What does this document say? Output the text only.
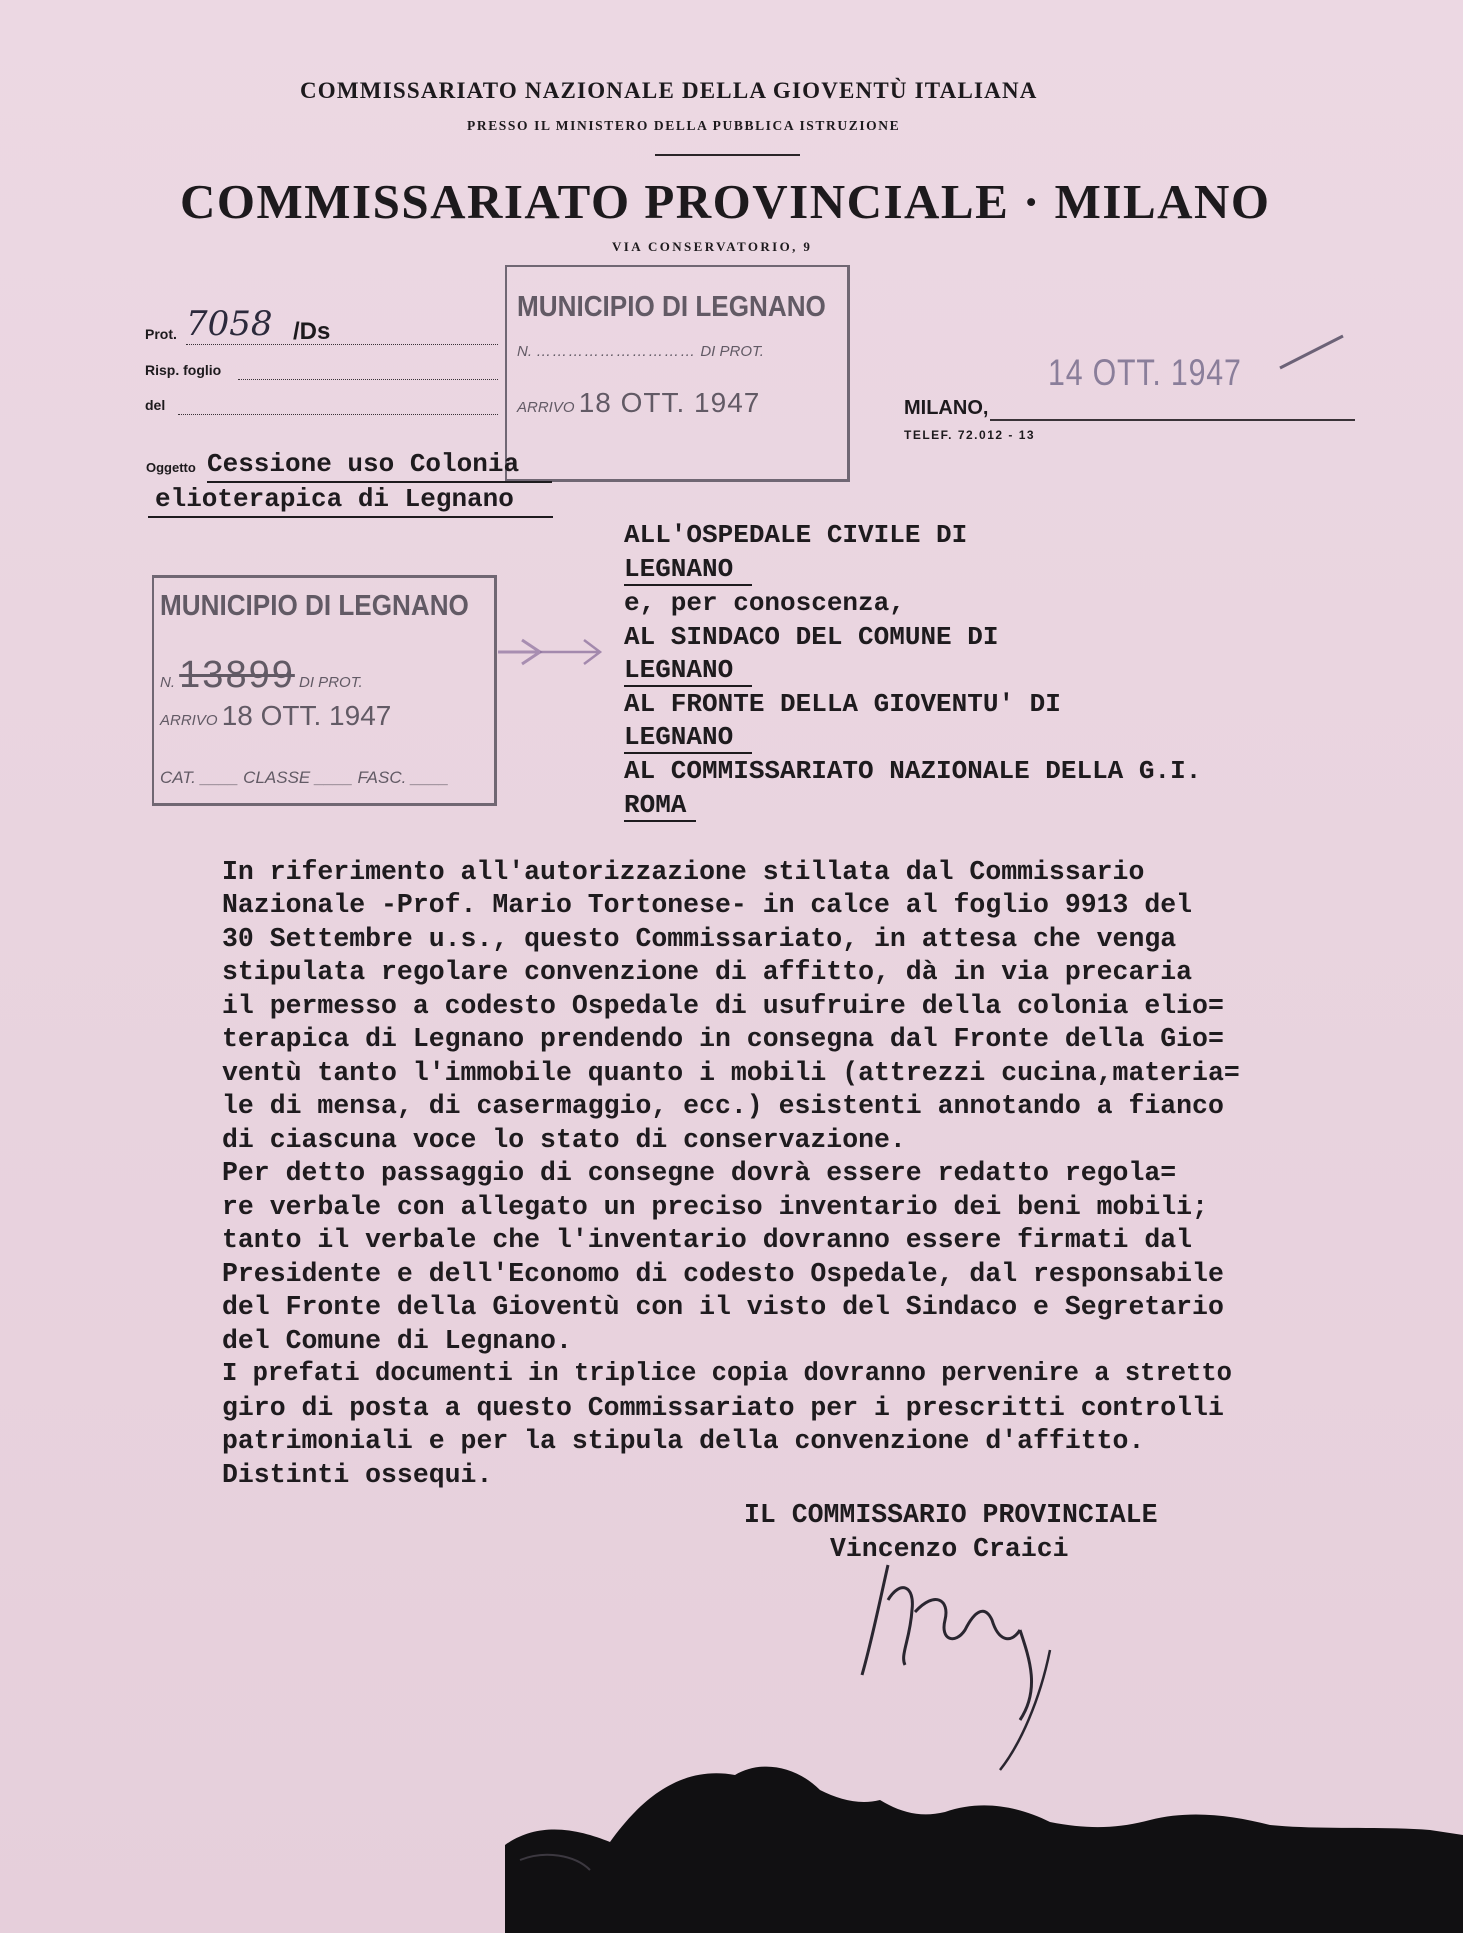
COMMISSARIATO NAZIONALE DELLA GIOVENTÙ ITALIANA
PRESSO IL MINISTERO DELLA PUBBLICA ISTRUZIONE
COMMISSARIATO PROVINCIALE · MILANO
VIA CONSERVATORIO, 9
Prot. 7058 /Ds
Risp. foglio
del
MUNICIPIO DI LEGNANO
N. ………………………… DI PROT.
ARRIVO 18 OTT. 1947	MILANO,
14 OTT. 1947
TELEF. 72.012 - 13
Oggetto Cessione uso Colonia
elioterapica di Legnano
MUNICIPIO DI LEGNANO
N. 13899 DI PROT.
ARRIVO 18 OTT. 1947
CAT. ____ CLASSE ____ FASC. ____
ALL'OSPEDALE CIVILE DI
LEGNANO
e, per conoscenza,
AL SINDACO DEL COMUNE DI
LEGNANO
AL FRONTE DELLA GIOVENTU' DI
LEGNANO
AL COMMISSARIATO NAZIONALE DELLA G.I.
ROMA
In riferimento all'autorizzazione stillata dal Commissario
Nazionale -Prof. Mario Tortonese- in calce al foglio 9913 del
30 Settembre u.s., questo Commissariato, in attesa che venga
stipulata regolare convenzione di affitto, dà in via precaria
il permesso a codesto Ospedale di usufruire della colonia elio=
terapica di Legnano prendendo in consegna dal Fronte della Gio=
ventù tanto l'immobile quanto i mobili (attrezzi cucina,materia=
le di mensa, di casermaggio, ecc.) esistenti annotando a fianco
di ciascuna voce lo stato di conservazione.
Per detto passaggio di consegne dovrà essere redatto regola=
re verbale con allegato un preciso inventario dei beni mobili;
tanto il verbale che l'inventario dovranno essere firmati dal
Presidente e dell'Economo di codesto Ospedale, dal responsabile
del Fronte della Gioventù con il visto del Sindaco e Segretario
del Comune di Legnano.
I prefati documenti in triplice copia dovranno pervenire a stretto
giro di posta a questo Commissariato per i prescritti controlli
patrimoniali e per la stipula della convenzione d'affitto.
Distinti ossequi.
IL COMMISSARIO PROVINCIALE
Vincenzo Craici
